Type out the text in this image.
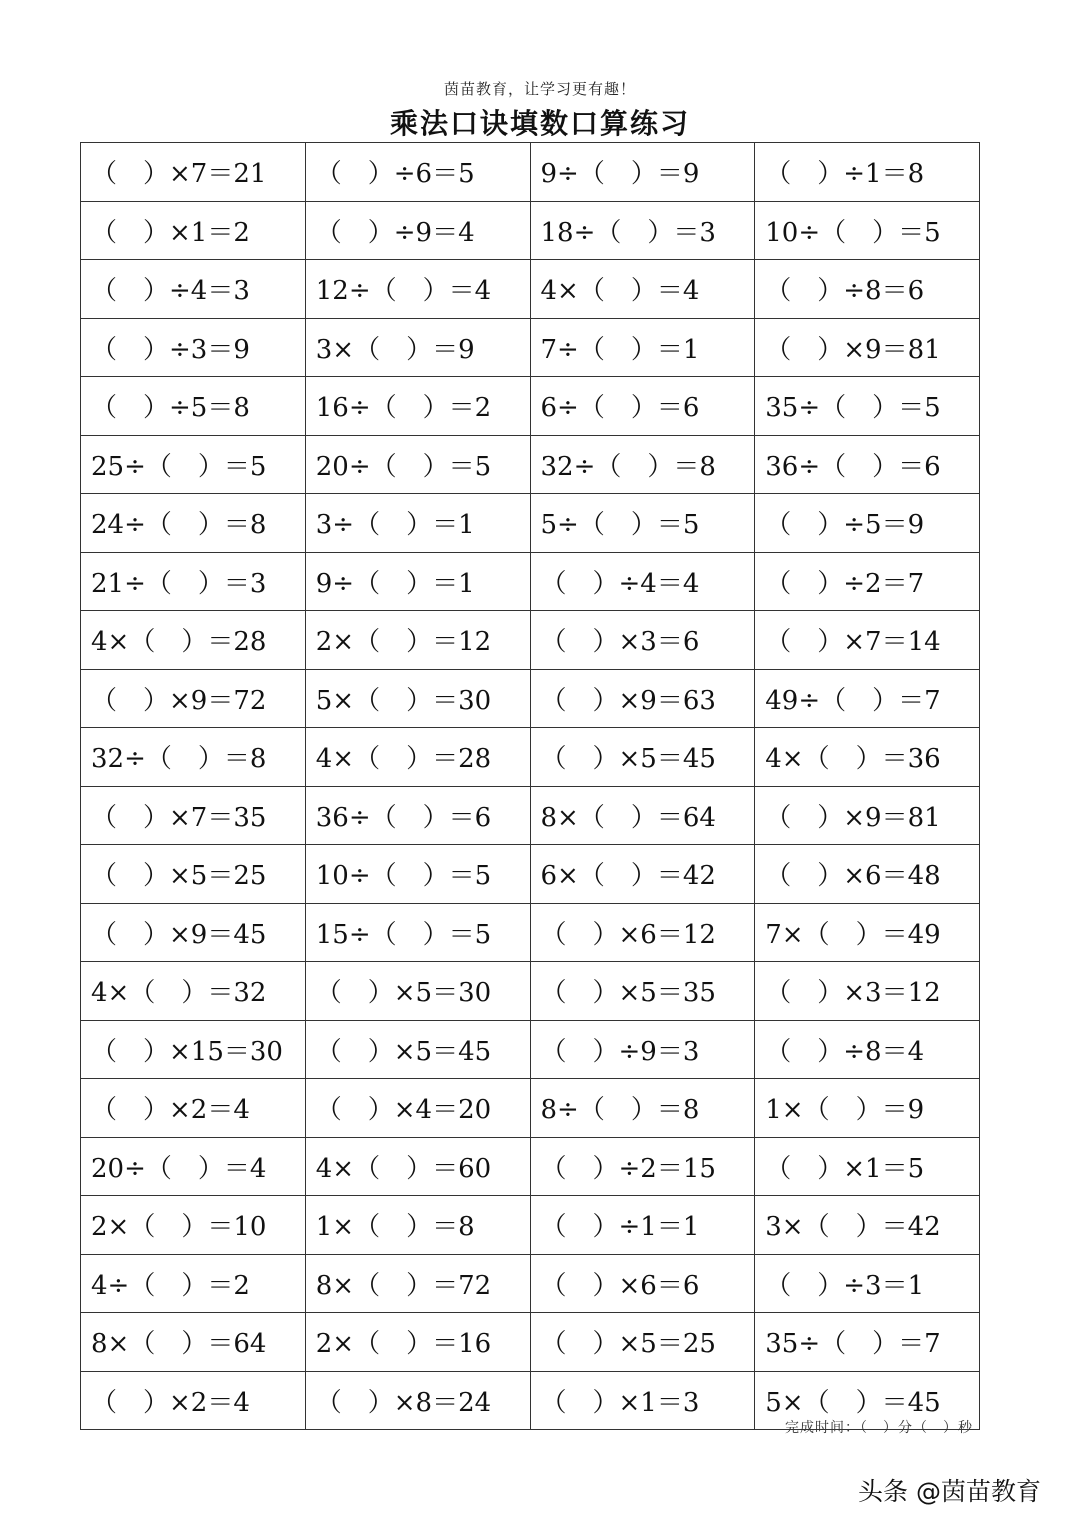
茵苗教育，让学习更有趣！
乘法口诀填数口算练习
（　）×7＝21	（　）÷6＝5	9÷（　）＝9	（　）÷1＝8
（　）×1＝2	（　）÷9＝4	18÷（　）＝3	10÷（　）＝5
（　）÷4＝3	12÷（　）＝4	4×（　）＝4	（　）÷8＝6
（　）÷3＝9	3×（　）＝9	7÷（　）＝1	（　）×9＝81
（　）÷5＝8	16÷（　）＝2	6÷（　）＝6	35÷（　）＝5
25÷（　）＝5	20÷（　）＝5	32÷（　）＝8	36÷（　）＝6
24÷（　）＝8	3÷（　）＝1	5÷（　）＝5	（　）÷5＝9
21÷（　）＝3	9÷（　）＝1	（　）÷4＝4	（　）÷2＝7
4×（　）＝28	2×（　）＝12	（　）×3＝6	（　）×7＝14
（　）×9＝72	5×（　）＝30	（　）×9＝63	49÷（　）＝7
32÷（　）＝8	4×（　）＝28	（　）×5＝45	4×（　）＝36
（　）×7＝35	36÷（　）＝6	8×（　）＝64	（　）×9＝81
（　）×5＝25	10÷（　）＝5	6×（　）＝42	（　）×6＝48
（　）×9＝45	15÷（　）＝5	（　）×6＝12	7×（　）＝49
4×（　）＝32	（　）×5＝30	（　）×5＝35	（　）×3＝12
（　）×15＝30	（　）×5＝45	（　）÷9＝3	（　）÷8＝4
（　）×2＝4	（　）×4＝20	8÷（　）＝8	1×（　）＝9
20÷（　）＝4	4×（　）＝60	（　）÷2＝15	（　）×1＝5
2×（　）＝10	1×（　）＝8	（　）÷1＝1	3×（　）＝42
4÷（　）＝2	8×（　）＝72	（　）×6＝6	（　）÷3＝1
8×（　）＝64	2×（　）＝16	（　）×5＝25	35÷（　）＝7
（　）×2＝4	（　）×8＝24	（　）×1＝3	5×（　）＝45
完成时间：（　）分（　）秒
头条 @茵苗教育
